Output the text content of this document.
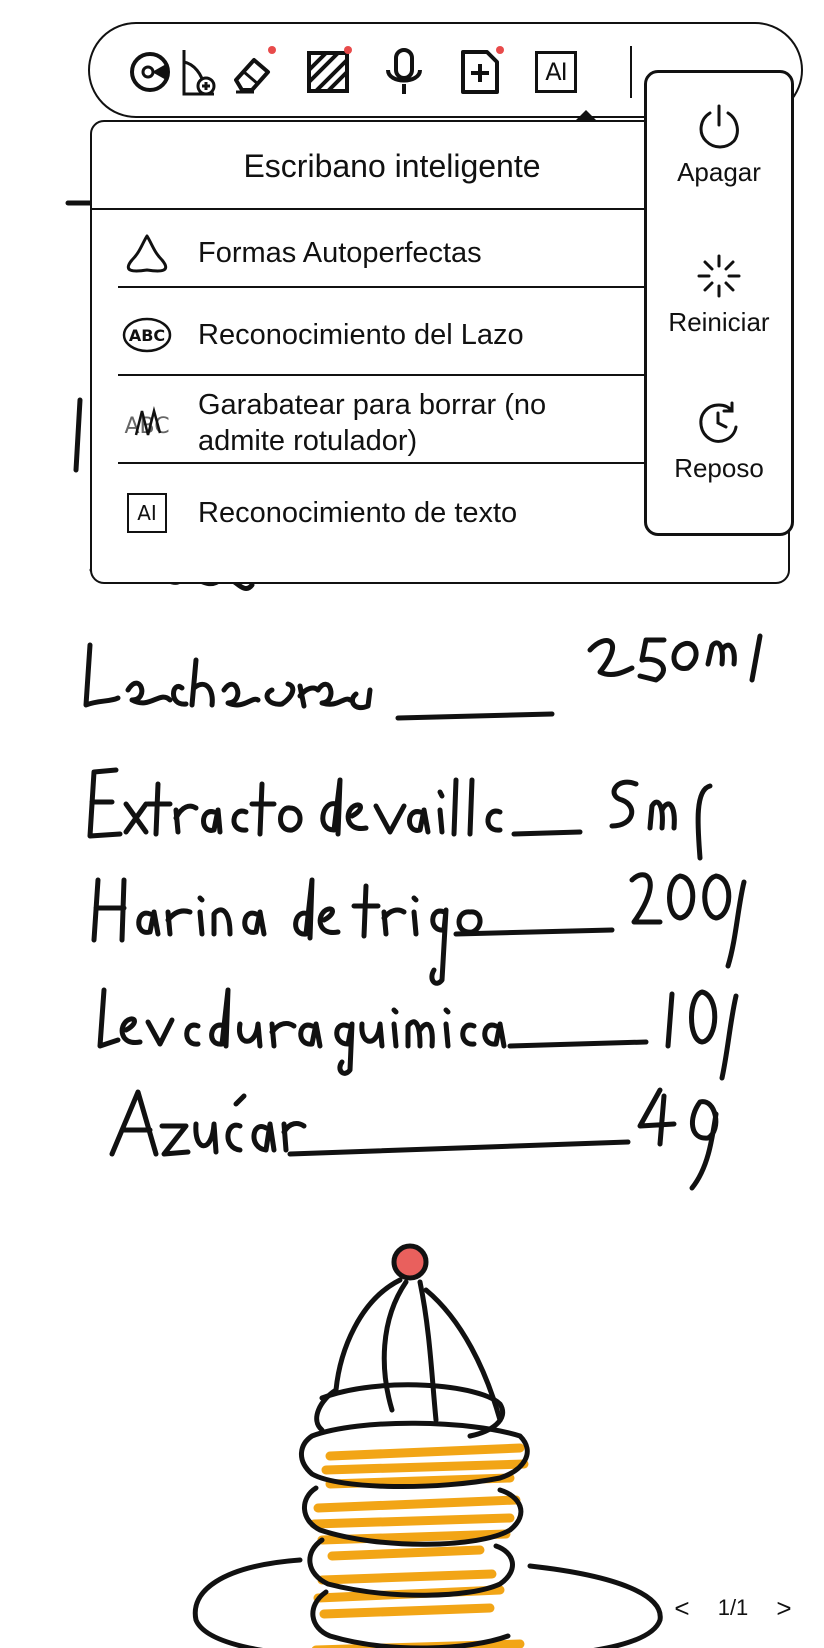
AI
Escribano inteligente
Formas Autoperfectas
ABC Reconocimiento del Lazo
ABC
Garabatear para borrar (no admite rotulador)
AI	Reconocimiento de texto
Apagar
Reiniciar
Reposo
< 1/1 >
